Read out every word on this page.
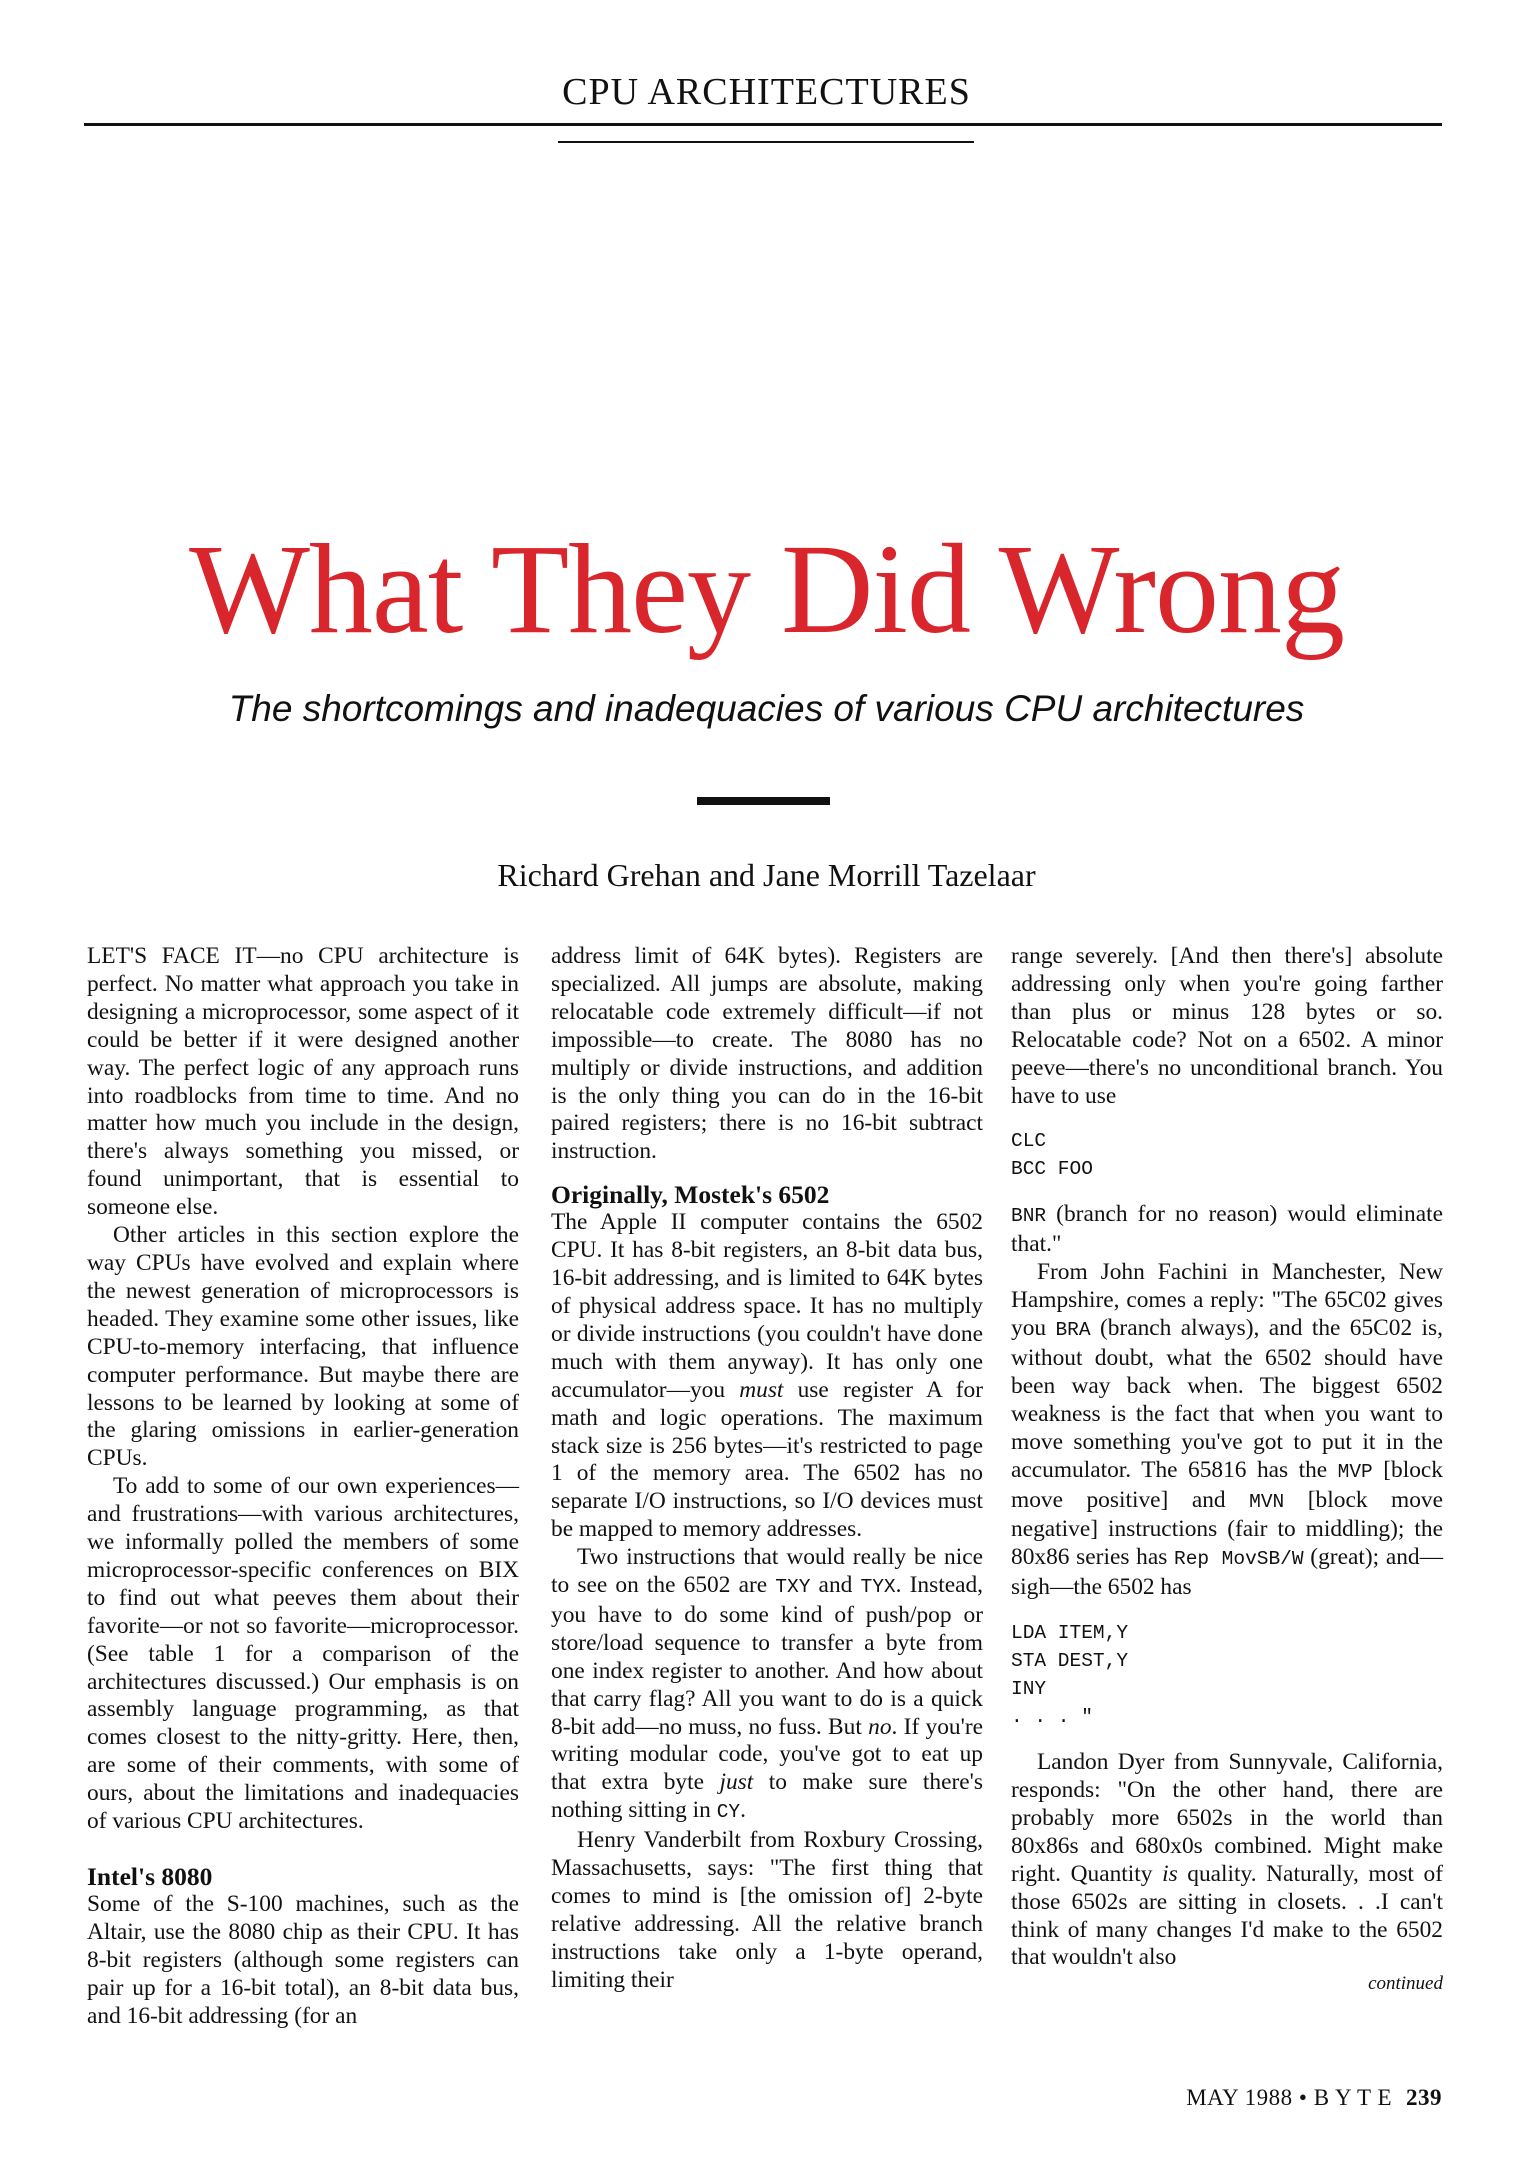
CPU ARCHITECTURES
What They Did Wrong
The shortcomings and inadequacies of various CPU architectures
Richard Grehan and Jane Morrill Tazelaar

LET'S FACE IT—no CPU architecture is perfect. No matter what approach you take in designing a microprocessor, some aspect of it could be better if it were designed another way. The perfect logic of any approach runs into roadblocks from time to time. And no matter how much you include in the design, there's always something you missed, or found unimportant, that is essential to someone else.

Other articles in this section explore the way CPUs have evolved and explain where the newest generation of microprocessors is headed. They examine some other issues, like CPU-to-memory interfacing, that influence computer performance. But maybe there are lessons to be learned by looking at some of the glaring omissions in earlier-generation CPUs.

To add to some of our own experiences—and frustrations—with various architectures, we informally polled the members of some microprocessor-specific conferences on BIX to find out what peeves them about their favorite—or not so favorite—microprocessor. (See table 1 for a comparison of the architectures discussed.) Our emphasis is on assembly language programming, as that comes closest to the nitty-gritty. Here, then, are some of their comments, with some of ours, about the limitations and inadequacies of various CPU architectures.

Intel's 8080

Some of the S-100 machines, such as the Altair, use the 8080 chip as their CPU. It has 8-bit registers (although some registers can pair up for a 16-bit total), an 8-bit data bus, and 16-bit addressing (for an

address limit of 64K bytes). Registers are specialized. All jumps are absolute, making relocatable code extremely difficult—if not impossible—to create. The 8080 has no multiply or divide instructions, and addition is the only thing you can do in the 16-bit paired registers; there is no 16-bit subtract instruction.

Originally, Mostek's 6502

The Apple II computer contains the 6502 CPU. It has 8-bit registers, an 8-bit data bus, 16-bit addressing, and is limited to 64K bytes of physical address space. It has no multiply or divide instructions (you couldn't have done much with them anyway). It has only one accumulator—you must use register A for math and logic operations. The maximum stack size is 256 bytes—it's restricted to page 1 of the memory area. The 6502 has no separate I/O instructions, so I/O devices must be mapped to memory addresses.

Two instructions that would really be nice to see on the 6502 are TXY and TYX. Instead, you have to do some kind of push/pop or store/load sequence to transfer a byte from one index register to another. And how about that carry flag? All you want to do is a quick 8-bit add—no muss, no fuss. But no. If you're writing modular code, you've got to eat up that extra byte just to make sure there's nothing sitting in CY.

Henry Vanderbilt from Roxbury Crossing, Massachusetts, says: "The first thing that comes to mind is [the omission of] 2-byte relative addressing. All the relative branch instructions take only a 1-byte operand, limiting their

range severely. [And then there's] absolute addressing only when you're going farther than plus or minus 128 bytes or so. Relocatable code? Not on a 6502. A minor peeve—there's no unconditional branch. You have to use

CLC
BCC FOO

BNR (branch for no reason) would eliminate that."

From John Fachini in Manchester, New Hampshire, comes a reply: "The 65C02 gives you BRA (branch always), and the 65C02 is, without doubt, what the 6502 should have been way back when. The biggest 6502 weakness is the fact that when you want to move something you've got to put it in the accumulator. The 65816 has the MVP [block move positive] and MVN [block move negative] instructions (fair to middling); the 80x86 series has Rep MovSB/W (great); and—sigh—the 6502 has

LDA ITEM,Y
STA DEST,Y
INY
. . . "

Landon Dyer from Sunnyvale, California, responds: "On the other hand, there are probably more 6502s in the world than 80x86s and 680x0s combined. Might make right. Quantity is quality. Naturally, most of those 6502s are sitting in closets. . .I can't think of many changes I'd make to the 6502 that wouldn't also

continued
MAY 1988 • B Y T E 239
